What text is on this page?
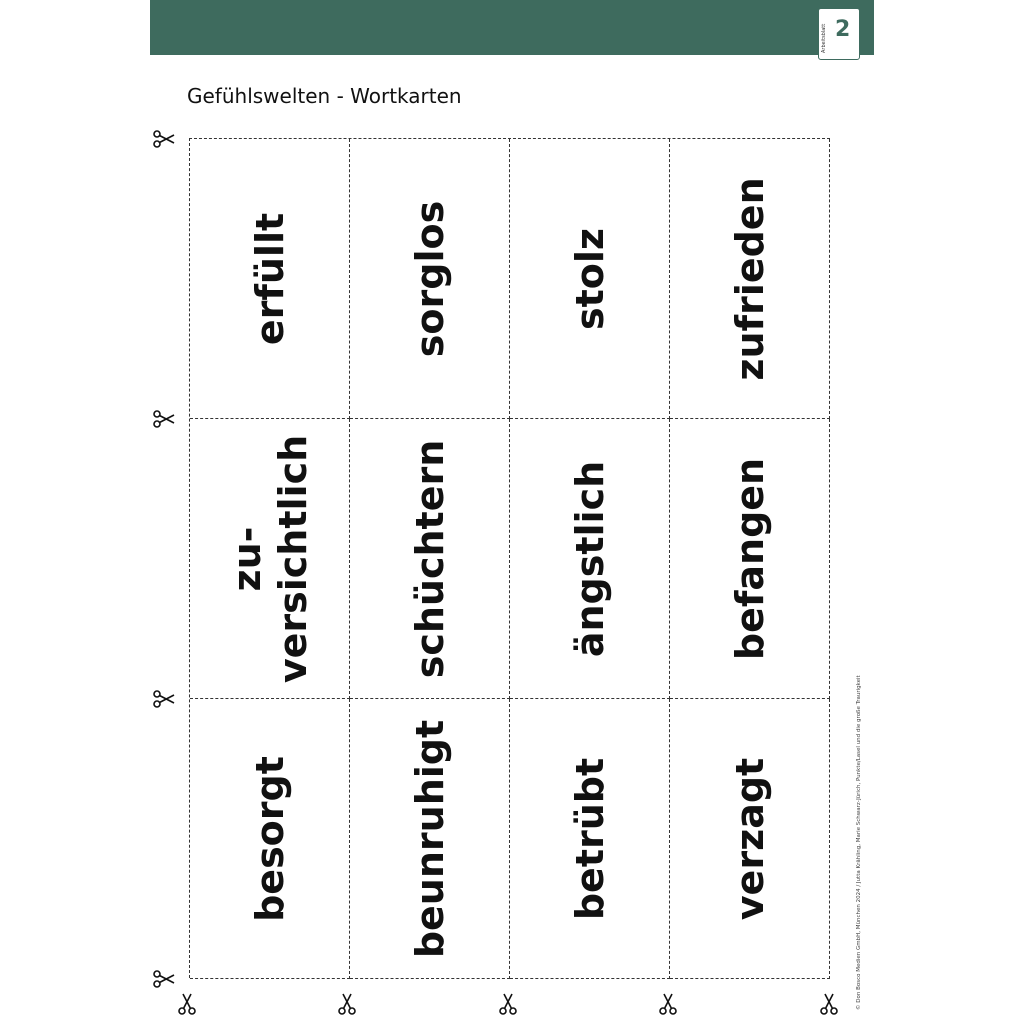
Arbeitsblatt 2
Gefühlswelten - Wortkarten
erfüllt	sorglos	stolz	zufrieden
zu-
versichtlich schüchtern	ängstlich	befangen
besorgt	beunruhigt	betrübt	verzagt	© Don Bosco Medien GmbH, München 2024 / Jutta Krähling, Marie Schwarz-Jürich, Punkte/Lasel und die große Traurigkeit
